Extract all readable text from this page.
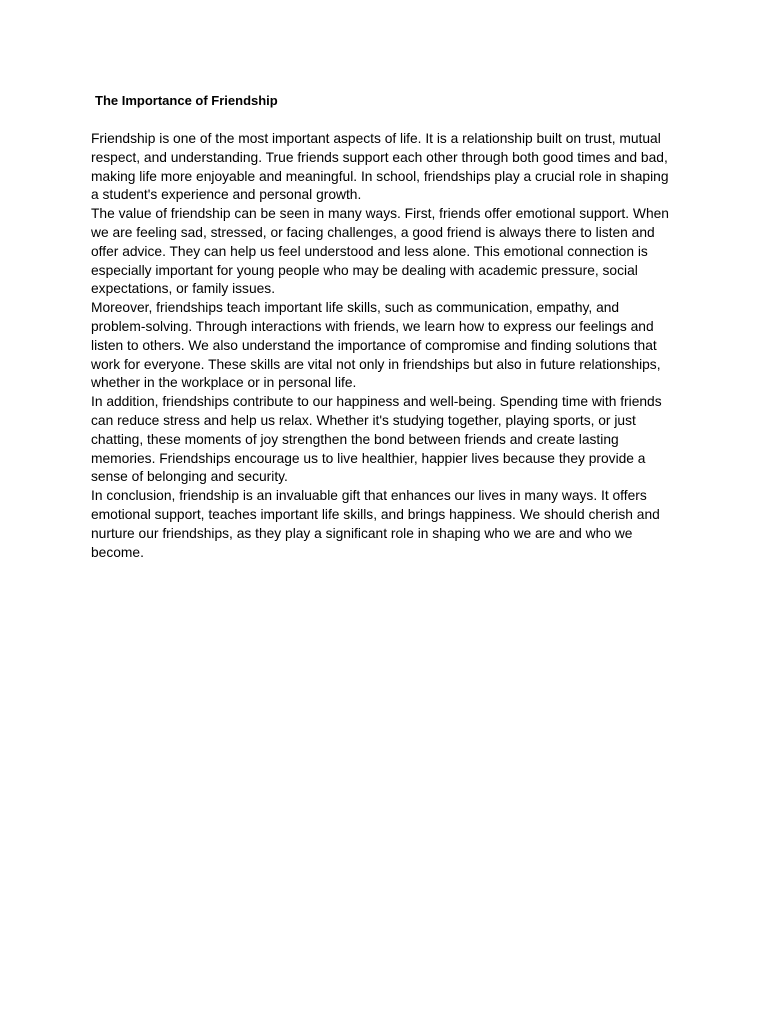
The Importance of Friendship

Friendship is one of the most important aspects of life. It is a relationship built on trust, mutual respect, and understanding. True friends support each other through both good times and bad, making life more enjoyable and meaningful. In school, friendships play a crucial role in shaping a student's experience and personal growth.

The value of friendship can be seen in many ways. First, friends offer emotional support. When we are feeling sad, stressed, or facing challenges, a good friend is always there to listen and offer advice. They can help us feel understood and less alone. This emotional connection is especially important for young people who may be dealing with academic pressure, social expectations, or family issues.

Moreover, friendships teach important life skills, such as communication, empathy, and problem-solving. Through interactions with friends, we learn how to express our feelings and listen to others. We also understand the importance of compromise and finding solutions that work for everyone. These skills are vital not only in friendships but also in future relationships, whether in the workplace or in personal life.

In addition, friendships contribute to our happiness and well-being. Spending time with friends can reduce stress and help us relax. Whether it's studying together, playing sports, or just chatting, these moments of joy strengthen the bond between friends and create lasting memories. Friendships encourage us to live healthier, happier lives because they provide a sense of belonging and security.

In conclusion, friendship is an invaluable gift that enhances our lives in many ways. It offers emotional support, teaches important life skills, and brings happiness. We should cherish and nurture our friendships, as they play a significant role in shaping who we are and who we become.
